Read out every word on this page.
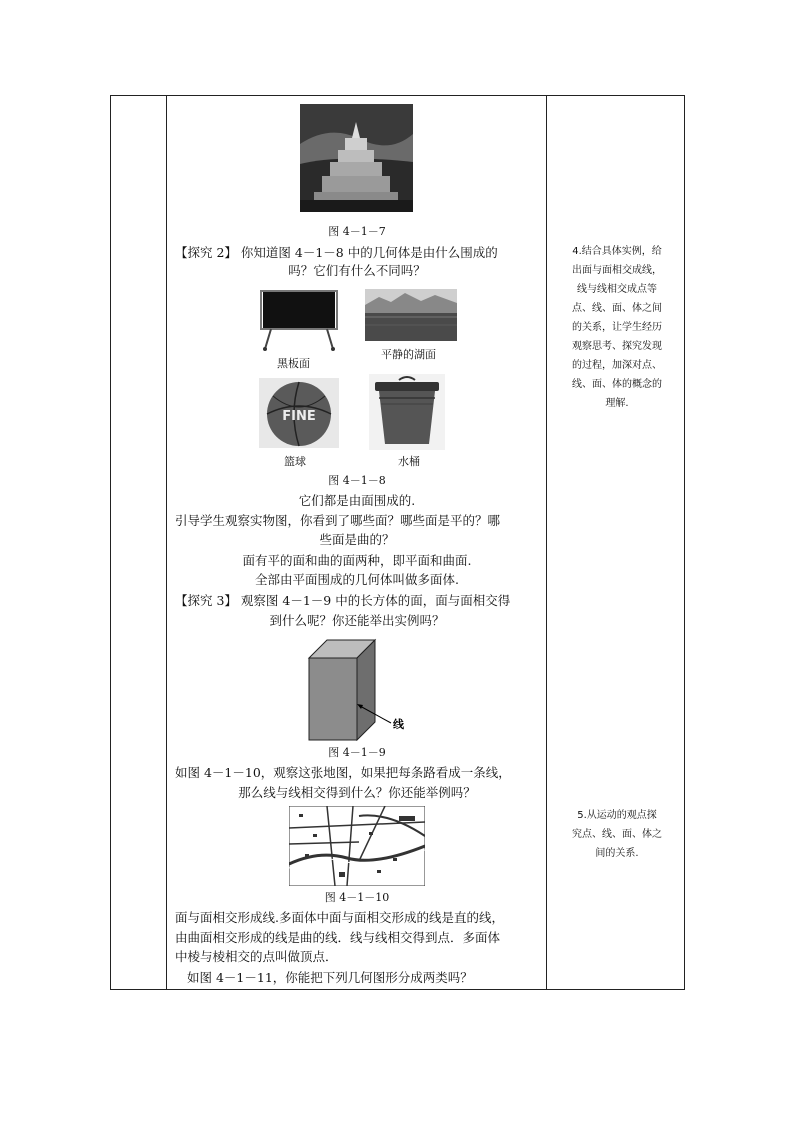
图 4－1－7
【探究 2】 你知道图 4－1－8 中的几何体是由什么围成的
吗？它们有什么不同吗？
黑板面
平静的湖面
FINE
篮球	水桶
图 4－1－8
它们都是由面围成的.
引导学生观察实物图，你看到了哪些面？哪些面是平的？哪
些面是曲的？
面有平的面和曲的面两种，即平面和曲面.
全部由平面围成的几何体叫做多面体.
【探究 3】 观察图 4－1－9 中的长方体的面，面与面相交得
到什么呢？你还能举出实例吗？
线
图 4－1－9
如图 4－1－10，观察这张地图，如果把每条路看成一条线，
那么线与线相交得到什么？你还能举例吗？
图 4－1－10
面与面相交形成线.多面体中面与面相交形成的线是直的线，
由曲面相交形成的线是曲的线．线与线相交得到点．多面体
中棱与棱相交的点叫做顶点．
如图 4－1－11，你能把下列几何图形分成两类吗？
4.结合具体实例，给
出面与面相交成线，
线与线相交成点等
点、线、面、体之间
的关系，让学生经历
观察思考、探究发现
的过程，加深对点、
线、面、体的概念的
理解.
5.从运动的观点探
究点、线、面、体之
间的关系.
